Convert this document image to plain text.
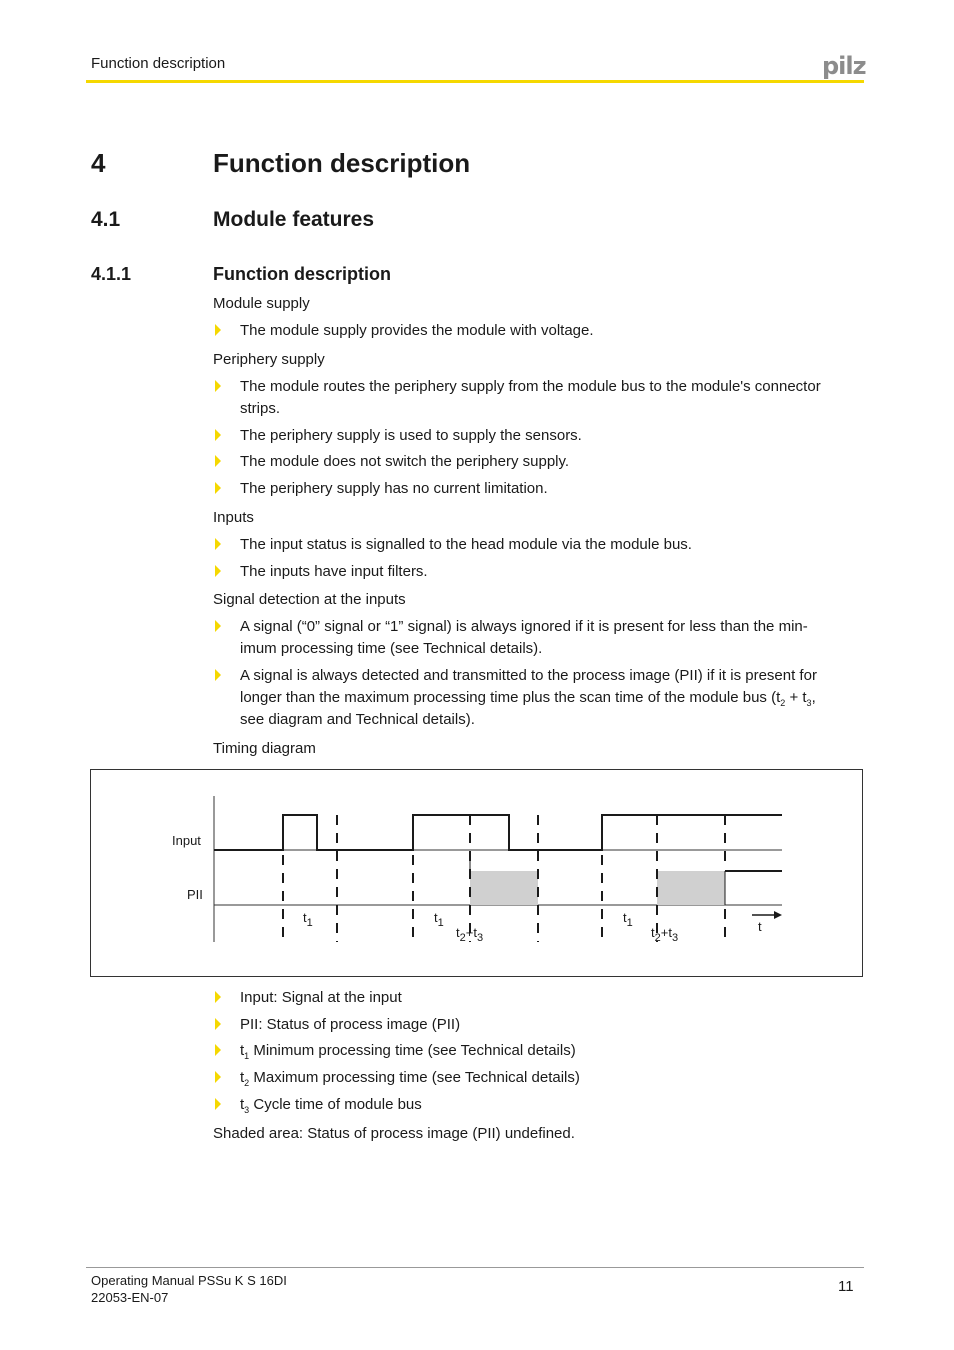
Function description	pilz
4	Function description
4.1	Module features
4.1.1	Function description
Module supply
The module supply provides the module with voltage.
Periphery supply
The module routes the periphery supply from the module bus to the module's connector
strips.
The periphery supply is used to supply the sensors.
The module does not switch the periphery supply.
The periphery supply has no current limitation.
Inputs
The input status is signalled to the head module via the module bus.
The inputs have input filters.
Signal detection at the inputs
A signal (“0” signal or “1” signal) is always ignored if it is present for less than the min-
imum processing time (see Technical details).
A signal is always detected and transmitted to the process image (PII) if it is present for
longer than the maximum processing time plus the scan time of the module bus ($t_2 + t_3$,
see diagram and Technical details).
Timing diagram
Input
PII
$t_1$	$t_1$	$t_1$
$t_2+t_3$	$t_2+t_3$
t
Input: Signal at the input
PII: Status of process image (PII)
$t_1$ Minimum processing time (see Technical details)
$t_2$ Maximum processing time (see Technical details)
$t_3$ Cycle time of module bus
Shaded area: Status of process image (PII) undefined.
Operating Manual PSSu K S 16DI
22053-EN-07
11
